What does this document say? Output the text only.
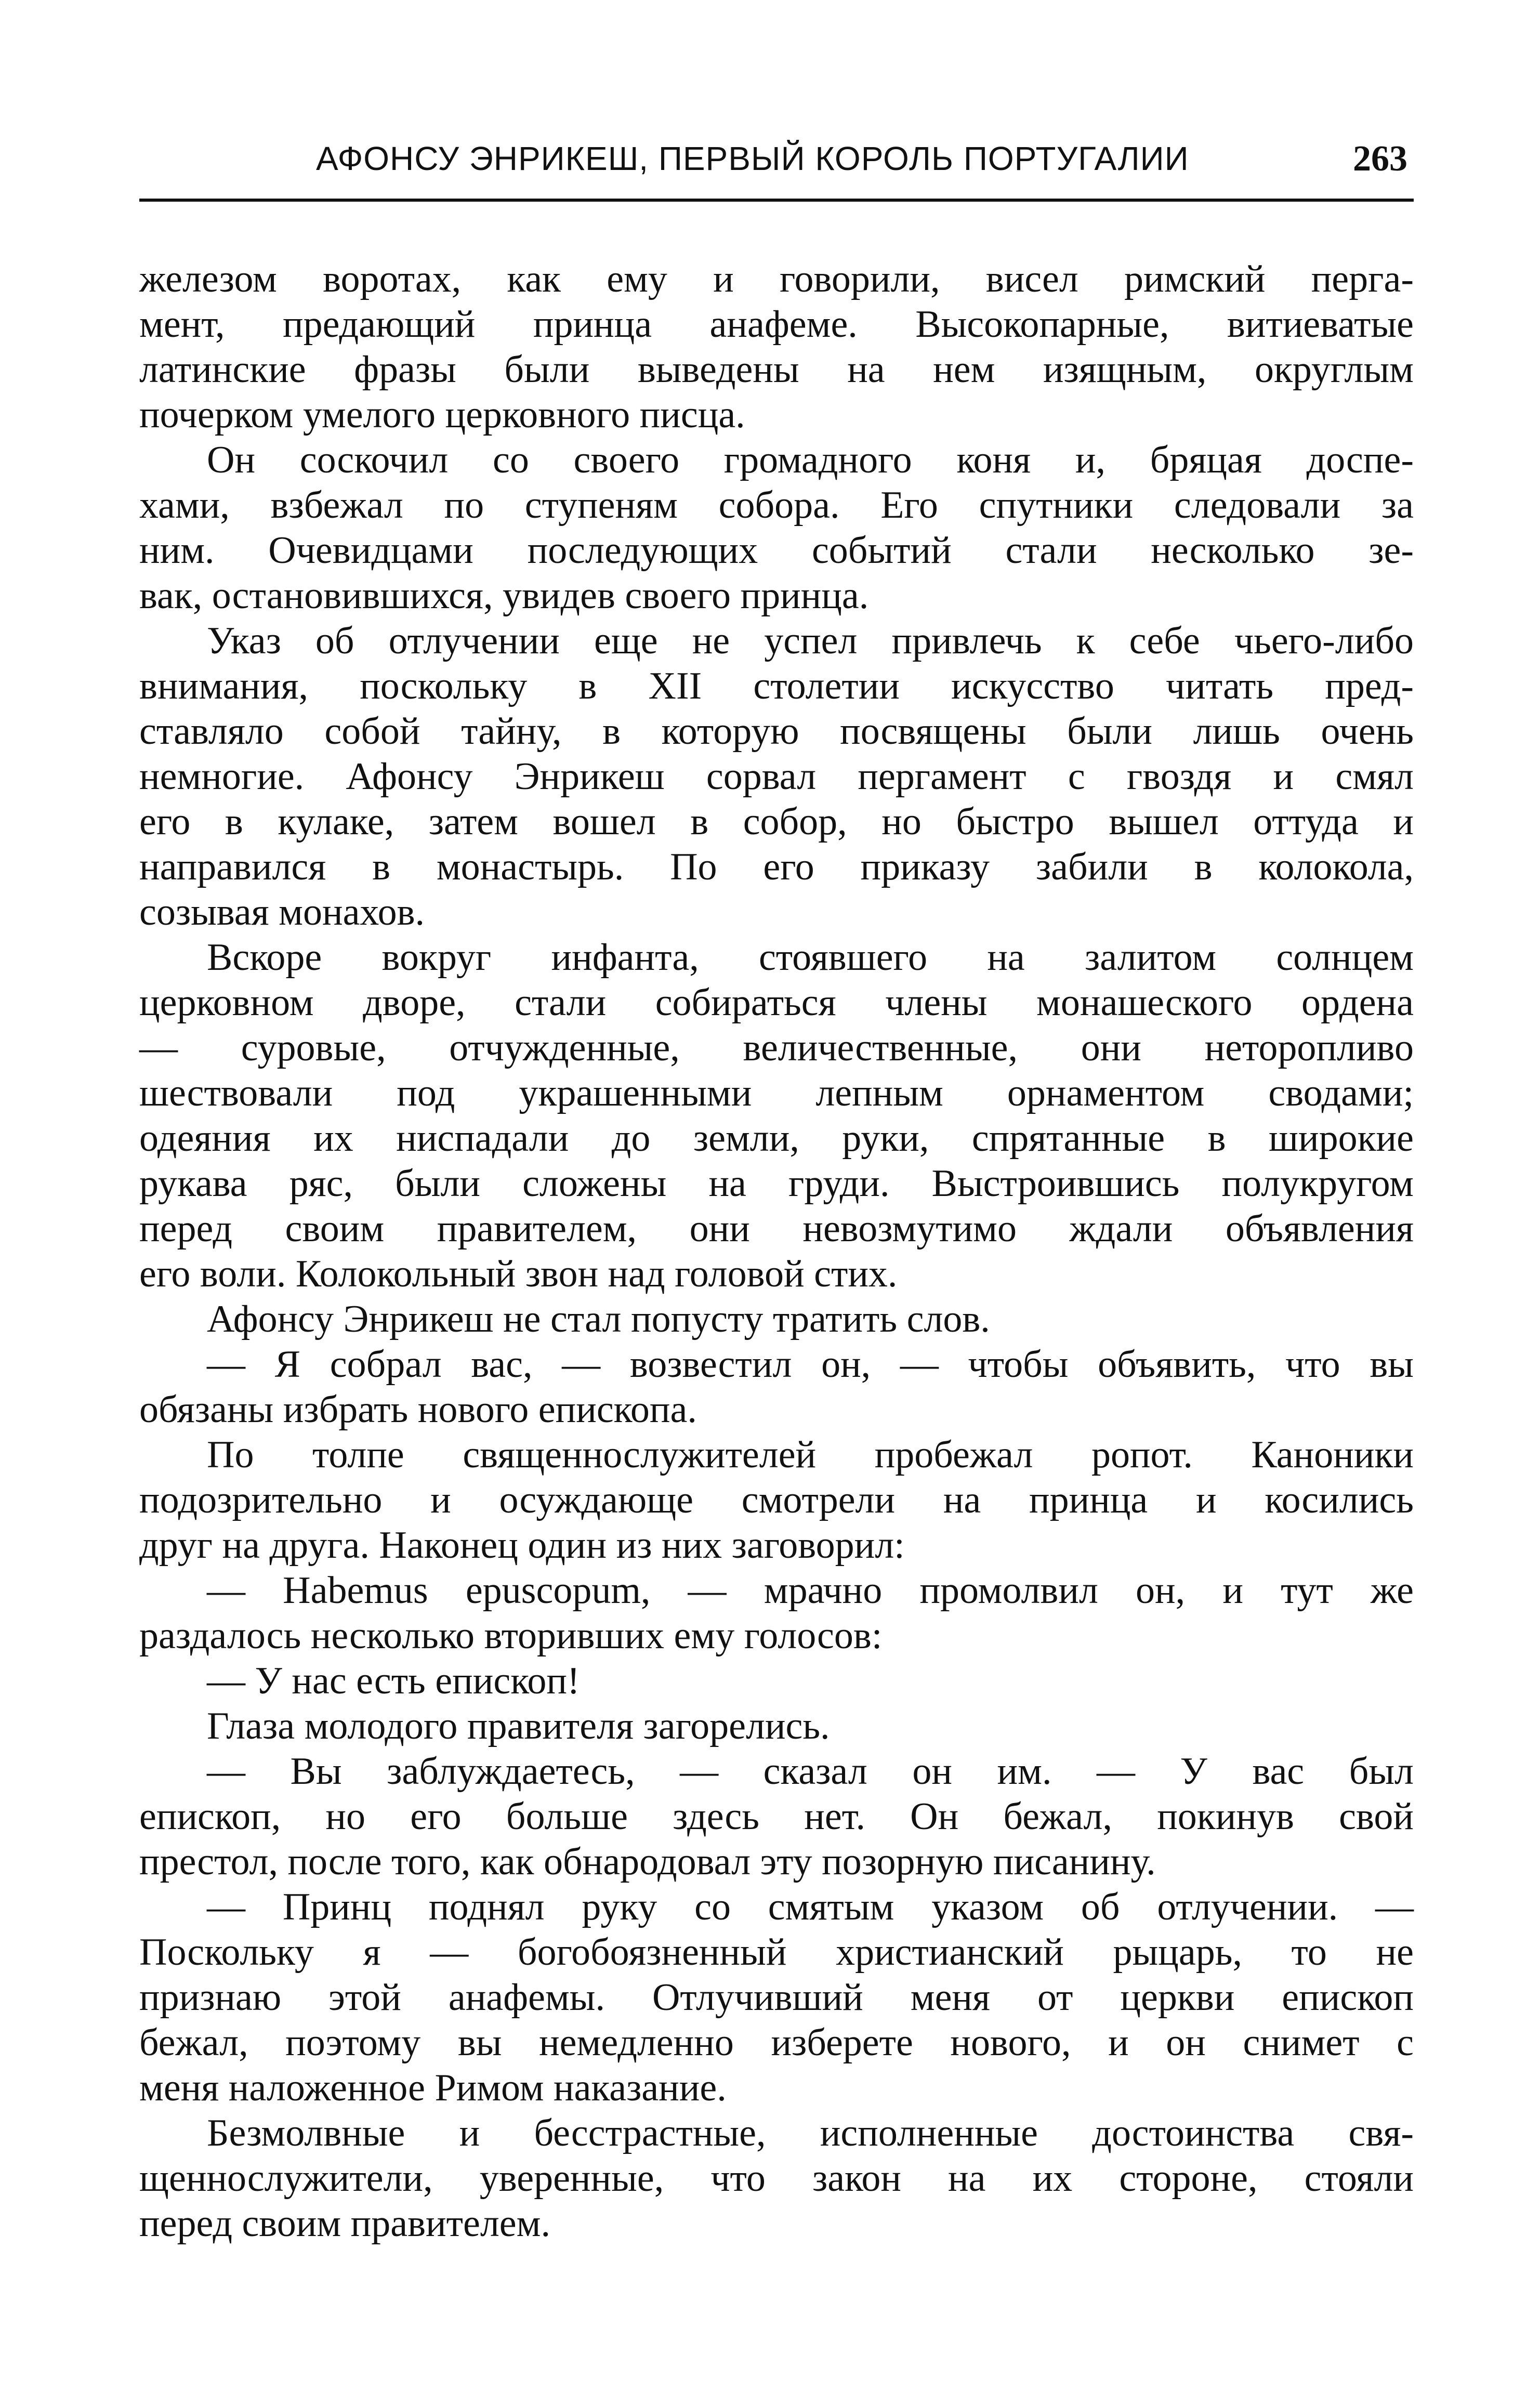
АФОНСУ ЭНРИКЕШ, ПЕРВЫЙ КОРОЛЬ ПОРТУГАЛИИ	263
железом воротах, как ему и говорили, висел римский перга-
мент, предающий принца анафеме. Высокопарные, витиеватые
латинские фразы были выведены на нем изящным, округлым
почерком умелого церковного писца.
Он соскочил со своего громадного коня и, бряцая доспе-
хами, взбежал по ступеням собора. Его спутники следовали за
ним. Очевидцами последующих событий стали несколько зе-
вак, остановившихся, увидев своего принца.
Указ об отлучении еще не успел привлечь к себе чьего-либо
внимания, поскольку в XII столетии искусство читать пред-
ставляло собой тайну, в которую посвящены были лишь очень
немногие. Афонсу Энрикеш сорвал пергамент с гвоздя и смял
его в кулаке, затем вошел в собор, но быстро вышел оттуда и
направился в монастырь. По его приказу забили в колокола,
созывая монахов.
Вскоре вокруг инфанта, стоявшего на залитом солнцем
церковном дворе, стали собираться члены монашеского ордена
— суровые, отчужденные, величественные, они неторопливо
шествовали под украшенными лепным орнаментом сводами;
одеяния их ниспадали до земли, руки, спрятанные в широкие
рукава ряс, были сложены на груди. Выстроившись полукругом
перед своим правителем, они невозмутимо ждали объявления
его воли. Колокольный звон над головой стих.
Афонсу Энрикеш не стал попусту тратить слов.
— Я собрал вас, — возвестил он, — чтобы объявить, что вы
обязаны избрать нового епископа.
По толпе священнослужителей пробежал ропот. Каноники
подозрительно и осуждающе смотрели на принца и косились
друг на друга. Наконец один из них заговорил:
— Habemus epuscopum, — мрачно промолвил он, и тут же
раздалось несколько вторивших ему голосов:
— У нас есть епископ!
Глаза молодого правителя загорелись.
— Вы заблуждаетесь, — сказал он им. — У вас был
епископ, но его больше здесь нет. Он бежал, покинув свой
престол, после того, как обнародовал эту позорную писанину.
— Принц поднял руку со смятым указом об отлучении. —
Поскольку я — богобоязненный христианский рыцарь, то не
признаю этой анафемы. Отлучивший меня от церкви епископ
бежал, поэтому вы немедленно изберете нового, и он снимет с
меня наложенное Римом наказание.
Безмолвные и бесстрастные, исполненные достоинства свя-
щеннослужители, уверенные, что закон на их стороне, стояли
перед своим правителем.
